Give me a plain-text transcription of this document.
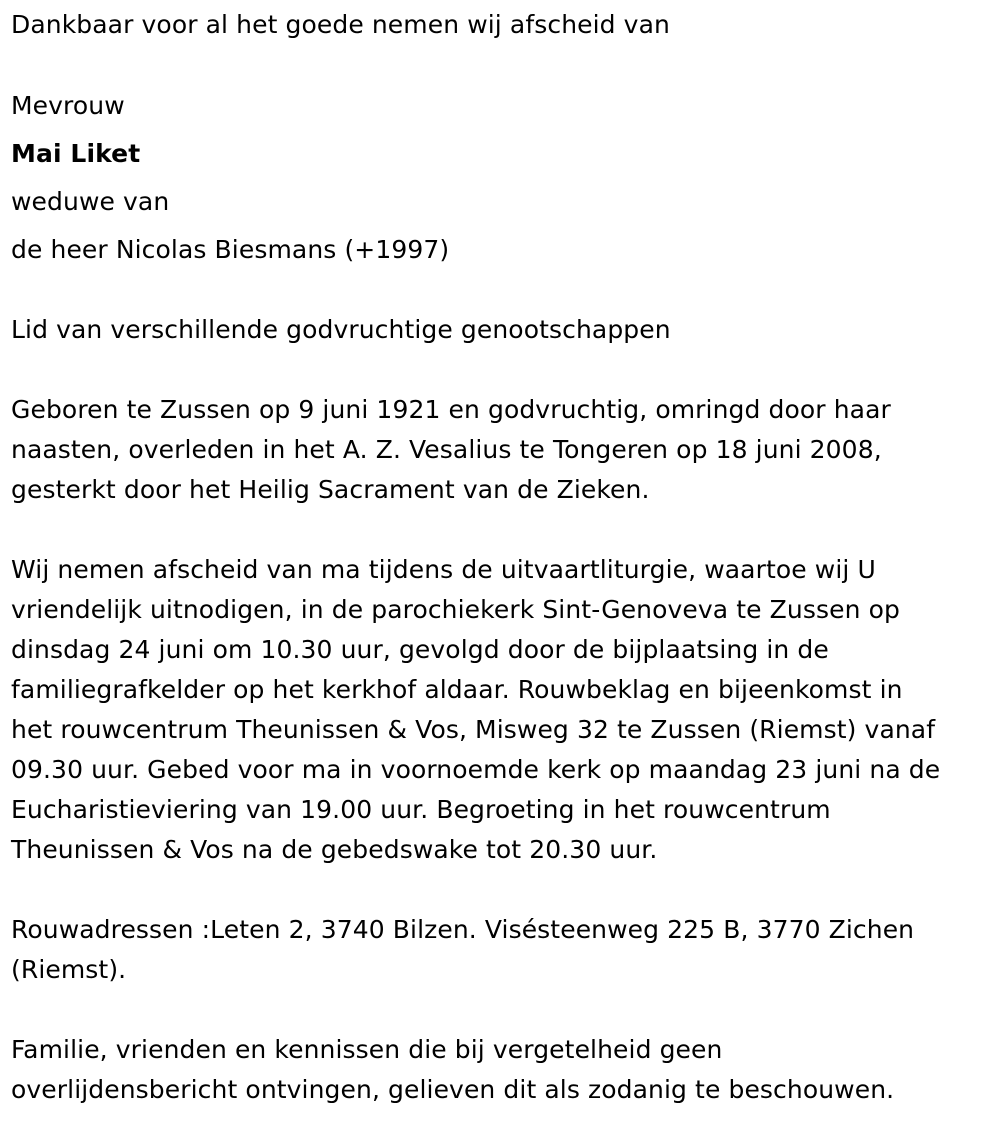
Dankbaar voor al het goede nemen wij afscheid van
Mevrouw
Mai Liket
weduwe van
de heer Nicolas Biesmans (+1997)
Lid van verschillende godvruchtige genootschappen
Geboren te Zussen op 9 juni 1921 en godvruchtig, omringd door haar
naasten, overleden in het A. Z. Vesalius te Tongeren op 18 juni 2008,
gesterkt door het Heilig Sacrament van de Zieken.
Wij nemen afscheid van ma tijdens de uitvaartliturgie, waartoe wij U
vriendelijk uitnodigen, in de parochiekerk Sint-Genoveva te Zussen op
dinsdag 24 juni om 10.30 uur, gevolgd door de bijplaatsing in de
familiegrafkelder op het kerkhof aldaar. Rouwbeklag en bijeenkomst in
het rouwcentrum Theunissen & Vos, Misweg 32 te Zussen (Riemst) vanaf
09.30 uur. Gebed voor ma in voornoemde kerk op maandag 23 juni na de
Eucharistieviering van 19.00 uur. Begroeting in het rouwcentrum
Theunissen & Vos na de gebedswake tot 20.30 uur.
Rouwadressen :Leten 2, 3740 Bilzen. Visésteenweg 225 B, 3770 Zichen
(Riemst).
Familie, vrienden en kennissen die bij vergetelheid geen
overlijdensbericht ontvingen, gelieven dit als zodanig te beschouwen.
